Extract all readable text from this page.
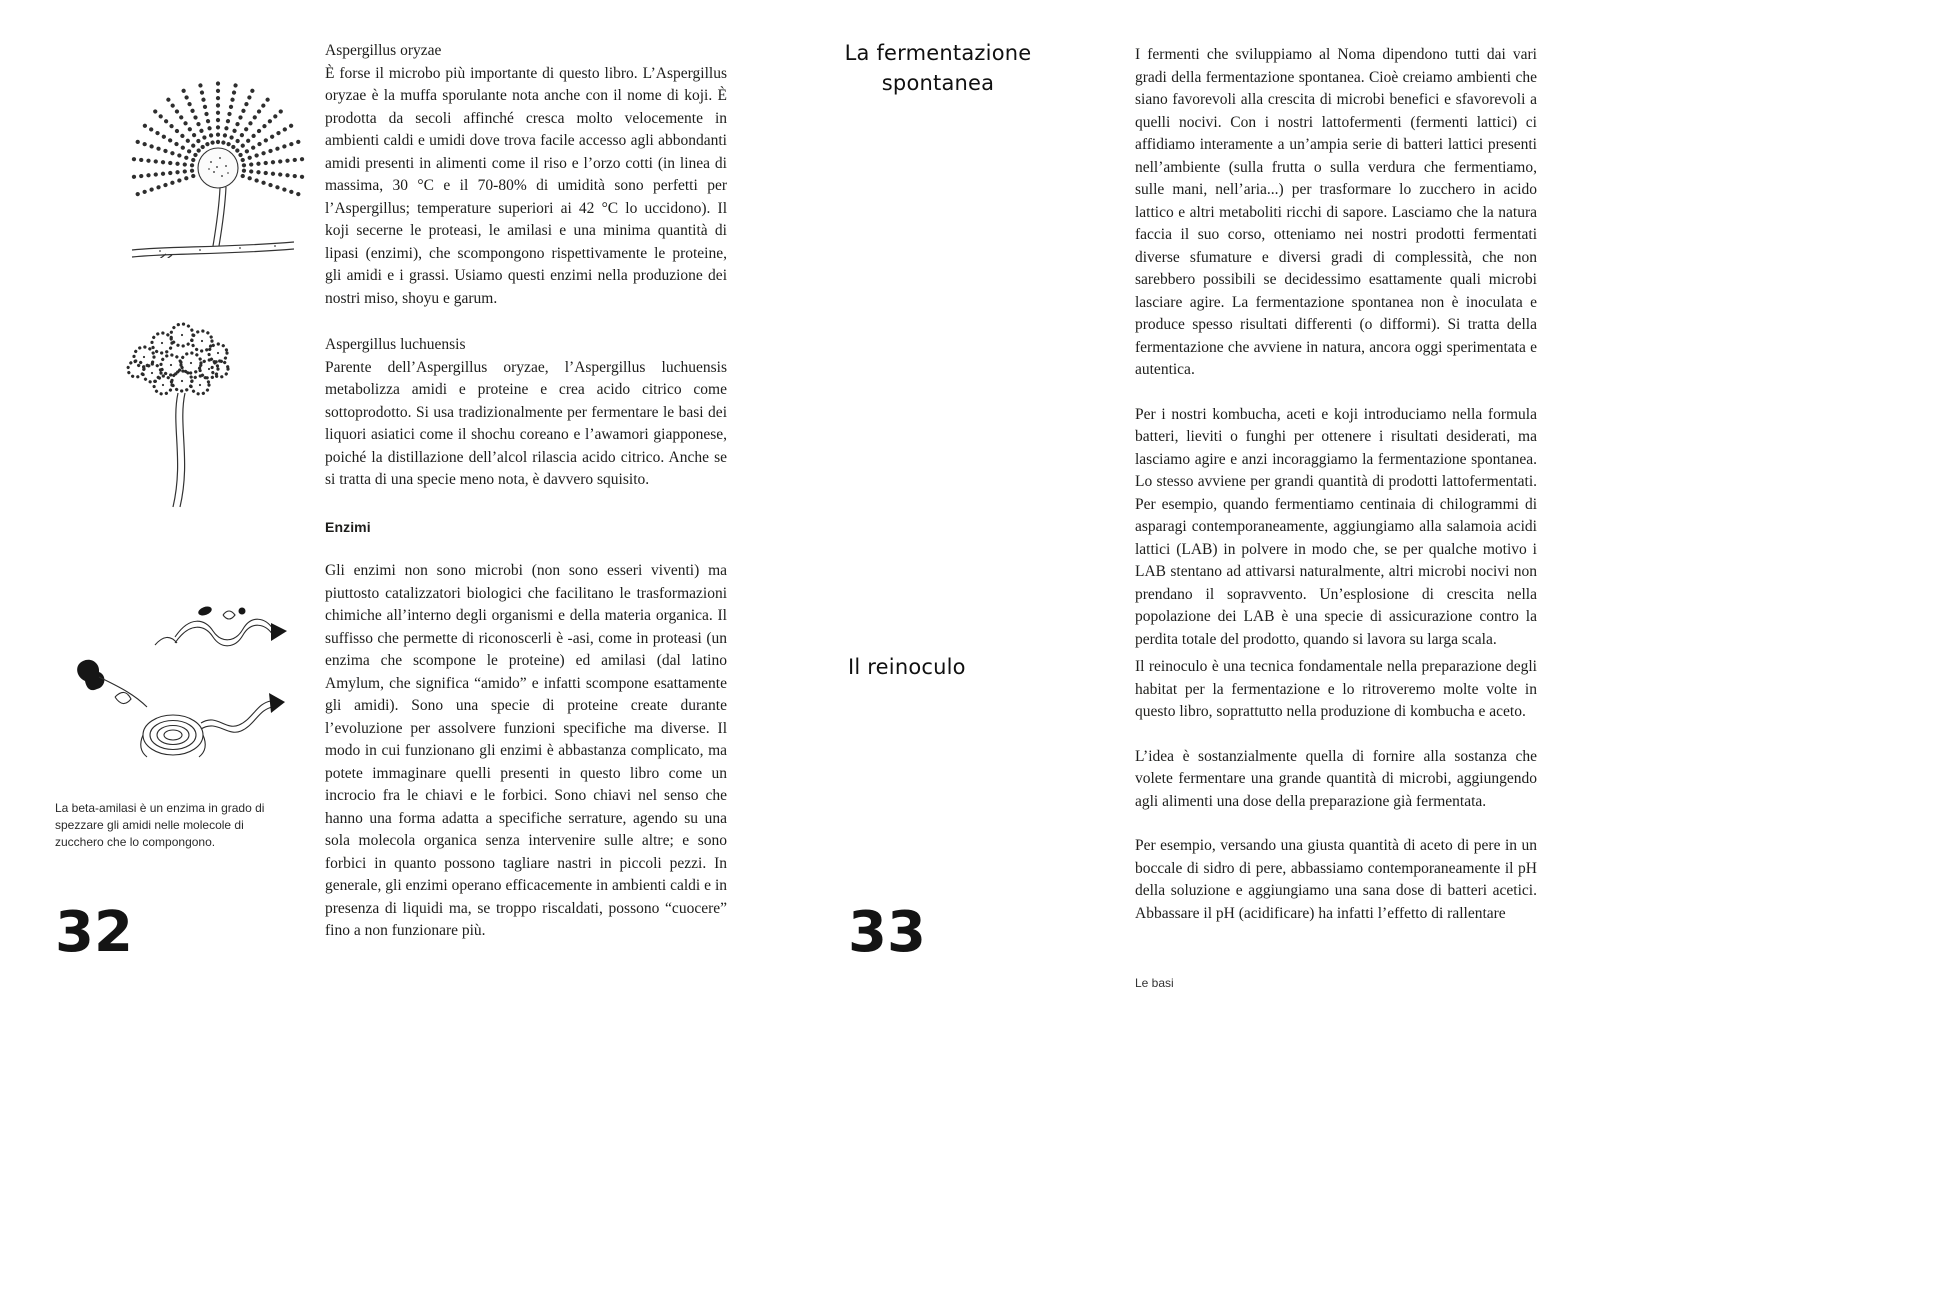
La beta-amilasi è un enzima in grado di spezzare gli amidi nelle molecole di zucchero che lo compongono.
32
Aspergillus oryzae

È forse il microbo più importante di questo libro. L’Aspergillus oryzae è la muffa sporulante nota anche con il nome di koji. È prodotta da secoli affinché cresca molto velocemente in ambienti caldi e umidi dove trova facile accesso agli abbondanti amidi presenti in alimenti come il riso e l’orzo cotti (in linea di massima, 30 °C e il 70-80% di umidità sono perfetti per l’Aspergillus; temperature superiori ai 42 °C lo uccidono). Il koji secerne le proteasi, le amilasi e una minima quantità di lipasi (enzimi), che scompongono rispettivamente le proteine, gli amidi e i grassi. Usiamo questi enzimi nella produzione dei nostri miso, shoyu e garum.

Aspergillus luchuensis

Parente dell’Aspergillus oryzae, l’Aspergillus luchuensis metabolizza amidi e proteine e crea acido citrico come sottoprodotto. Si usa tradizionalmente per fermentare le basi dei liquori asiatici come il shochu coreano e l’awamori giapponese, poiché la distillazione dell’alcol rilascia acido citrico. Anche se si tratta di una specie meno nota, è davvero squisito.

Enzimi

Gli enzimi non sono microbi (non sono esseri viventi) ma piuttosto catalizzatori biologici che facilitano le trasformazioni chimiche all’interno degli organismi e della materia organica. Il suffisso che permette di riconoscerli è -asi, come in proteasi (un enzima che scompone le proteine) ed amilasi (dal latino Amylum, che significa “amido” e infatti scompone esattamente gli amidi). Sono una specie di proteine create durante l’evoluzione per assolvere funzioni specifiche ma diverse. Il modo in cui funzionano gli enzimi è abbastanza complicato, ma potete immaginare quelli presenti in questo libro come un incrocio fra le chiavi e le forbici. Sono chiavi nel senso che hanno una forma adatta a specifiche serrature, agendo su una sola molecola organica senza intervenire sulle altre; e sono forbici in quanto possono tagliare nastri in piccoli pezzi. In generale, gli enzimi operano efficacemente in ambienti caldi e in presenza di liquidi ma, se troppo riscaldati, possono “cuocere” fino a non funzionare più.

La fermentazione spontanea

I fermenti che sviluppiamo al Noma dipendono tutti dai vari gradi della fermentazione spontanea. Cioè creiamo ambienti che siano favorevoli alla crescita di microbi benefici e sfavorevoli a quelli nocivi. Con i nostri lattofermenti (fermenti lattici) ci affidiamo interamente a un’ampia serie di batteri lattici presenti nell’ambiente (sulla frutta o sulla verdura che fermentiamo, sulle mani, nell’aria...) per trasformare lo zucchero in acido lattico e altri metaboliti ricchi di sapore. Lasciamo che la natura faccia il suo corso, otteniamo nei nostri prodotti fermentati diverse sfumature e diversi gradi di complessità, che non sarebbero possibili se decidessimo esattamente quali microbi lasciare agire. La fermentazione spontanea non è inoculata e produce spesso risultati differenti (o difformi). Si tratta della fermentazione che avviene in natura, ancora oggi sperimentata e autentica.

Per i nostri kombucha, aceti e koji introduciamo nella formula batteri, lieviti o funghi per ottenere i risultati desiderati, ma lasciamo agire e anzi incoraggiamo la fermentazione spontanea. Lo stesso avviene per grandi quantità di prodotti lattofermentati. Per esempio, quando fermentiamo centinaia di chilogrammi di asparagi contemporaneamente, aggiungiamo alla salamoia acidi lattici (LAB) in polvere in modo che, se per qualche motivo i LAB stentano ad attivarsi naturalmente, altri microbi nocivi non prendano il sopravvento. Un’esplosione di crescita nella popolazione dei LAB è una specie di assicurazione contro la perdita totale del prodotto, quando si lavora su larga scala.

Il reinoculo	Il reinoculo è una tecnica fondamentale nella preparazione degli habitat per la fermentazione e lo ritroveremo molte volte in questo libro, soprattutto nella produzione di kombucha e aceto.

L’idea è sostanzialmente quella di fornire alla sostanza che volete fermentare una grande quantità di microbi, aggiungendo agli alimenti una dose della preparazione già fermentata.

Per esempio, versando una giusta quantità di aceto di pere in un boccale di sidro di pere, abbassiamo contemporaneamente il pH della soluzione e aggiungiamo una sana dose di batteri acetici. Abbassare il pH (acidificare) ha infatti l’effetto di rallentare

33
Le basi
